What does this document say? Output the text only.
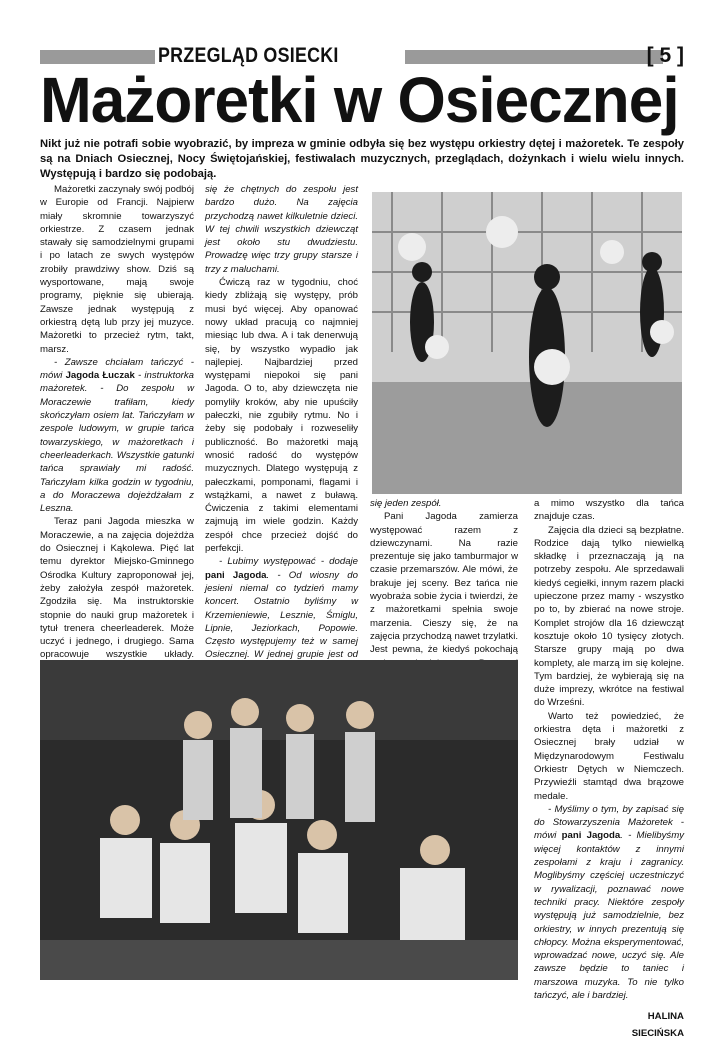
PRZEGLĄD OSIECKI	[ 5 ]
Mażoretki w Osiecznej
Nikt już nie potrafi sobie wyobrazić, by impreza w gminie odbyła się bez występu orkiestry dętej i mażoretek. Te zespoły są na Dniach Osiecznej, Nocy Świętojańskiej, festiwalach muzycznych, przeglądach, dożynkach i wielu wielu innych. Występują i bardzo się podobają.

Mażoretki zaczynały swój podbój w Europie od Francji. Najpierw miały skromnie towarzyszyć orkiestrze. Z czasem jednak stawały się samodzielnymi grupami i po latach ze swych występów zrobiły prawdziwy show. Dziś są wysportowane, mają swoje programy, pięknie się ubierają. Zawsze jednak występują z orkiestrą dętą lub przy jej muzyce. Mażoretki to przecież rytm, takt, marsz.

- Zawsze chciałam tańczyć - mówi Jagoda Łuczak - instruktorka mażoretek. - Do zespołu w Moraczewie trafiłam, kiedy skończyłam osiem lat. Tańczyłam w zespole ludowym, w grupie tańca towarzyskiego, w mażoretkach i cheerleaderkach. Wszystkie gatunki tańca sprawiały mi radość. Tańczyłam kilka godzin w tygodniu, a do Moraczewa dojeżdżałam z Leszna.

Teraz pani Jagoda mieszka w Moraczewie, a na zajęcia dojeżdża do Osiecznej i Kąkolewa. Pięć lat temu dyrektor Miejsko-Gminnego Ośrodka Kultury zaproponował jej, żeby założyła zespół mażoretek. Zgodziła się. Ma instruktorskie stopnie do nauki grup mażoretek i tytuł trenera cheerleaderek. Może uczyć i jednego, i drugiego. Sama opracowuje wszystkie układy.

się że chętnych do zespołu jest bardzo dużo. Na zajęcia przychodzą nawet kilkuletnie dzieci. W tej chwili wszystkich dziewcząt jest około stu dwudziestu. Prowadzę więc trzy grupy starsze i trzy z maluchami.

Ćwiczą raz w tygodniu, choć kiedy zbliżają się występy, prób musi być więcej. Aby opanować nowy układ pracują co najmniej miesiąc lub dwa. A i tak denerwują się, by wszystko wypadło jak najlepiej. Najbardziej przed występami niepokoi się pani Jagoda. O to, aby dziewczęta nie pomyliły kroków, aby nie upuściły pałeczki, nie zgubiły rytmu. No i żeby się podobały i rozweseliły publiczność. Bo mażoretki mają wnosić radość do występów muzycznych. Dlatego występują z pałeczkami, pomponami, flagami i wstążkami, a nawet z buławą. Ćwiczenia z takimi elementami zajmują im wiele godzin. Każdy zespół chce przecież dojść do perfekcji.

- Lubimy występować - dodaje pani Jagoda. - Od wiosny do jesieni niemal co tydzień mamy koncert. Ostatnio byliśmy w Krzemieniewie, Lesznie, Śmiglu, Lipnie, Jeziorkach, Popowie. Często występujemy też w samej Osiecznej. W jednej grupie jest od

się jeden zespół.

Pani Jagoda zamierza występować razem z dziewczynami. Na razie prezentuje się jako tamburmajor w czasie przemarszów. Ale mówi, że brakuje jej sceny. Bez tańca nie wyobraża sobie życia i twierdzi, że z mażoretkami spełnia swoje marzenia. Cieszy się, że na zajęcia przychodzą nawet trzylatki. Jest pewna, że kiedyś pokochają

a mimo wszystko dla tańca znajduje czas.

Zajęcia dla dzieci są bezpłatne. Rodzice dają tylko niewielką składkę i przeznaczają ją na potrzeby zespołu. Ale sprzedawali kiedyś cegiełki, innym razem placki upieczone przez mamy - wszystko po to, by zbierać na nowe stroje. Komplet strojów dla 16 dziewcząt kosztuje około 10 tysięcy złotych. Starsze grupy mają po dwa komplety, ale marzą im się kolejne. Tym bardziej, że wybierają się na duże imprezy, wkrótce na festiwal do Wrześni.

Warto też powiedzieć, że orkiestra dęta i mażoretki z Osiecznej brały udział w Międzynarodowym Festiwalu Orkiestr Dętych w Niemczech. Przywieźli stamtąd dwa brązowe medale.

- Myślimy o tym, by zapisać się do Stowarzyszenia Mażoretek - mówi pani Jagoda. - Mielibyśmy więcej kontaktów z innymi zespołami z kraju i zagranicy. Moglibyśmy częściej uczestniczyć w rywalizacji, poznawać nowe techniki pracy. Niektóre zespoły występują już samodzielnie, bez orkiestry, w innych prezentują się chłopcy. Można eksperymentować, wprowadzać nowe, uczyć się. Ale zawsze będzie to taniec i marszowa muzyka. To nie tylko tańczyć, ale i bardziej.

HALINA
SIECIŃSKA
